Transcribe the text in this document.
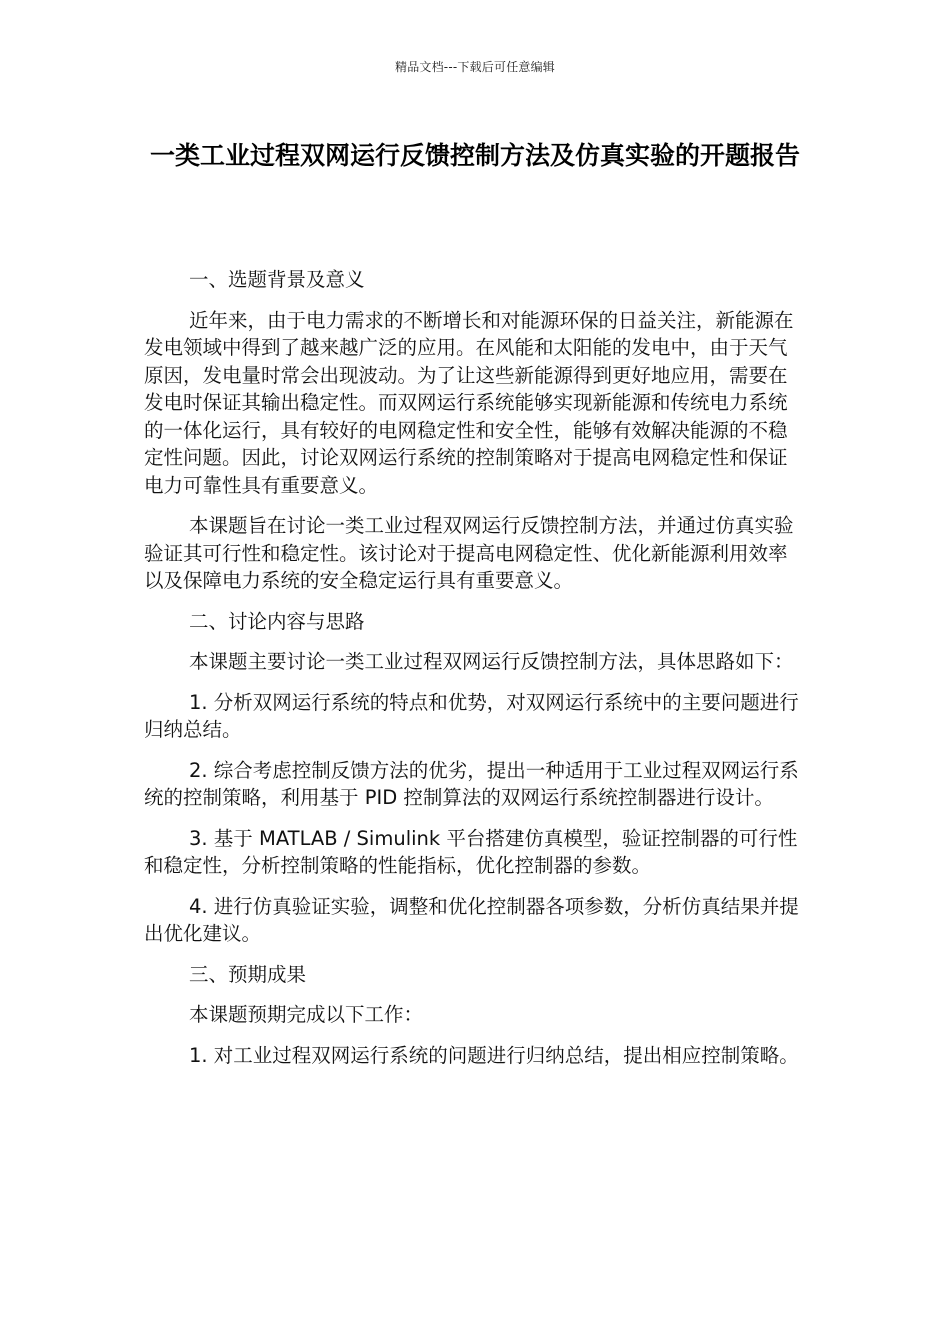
精品文档---下载后可任意编辑
一类工业过程双网运行反馈控制方法及仿真实验的开题报告

一、选题背景及意义

近年来，由于电力需求的不断增长和对能源环保的日益关注，新能源在发电领域中得到了越来越广泛的应用。在风能和太阳能的发电中，由于天气原因，发电量时常会出现波动。为了让这些新能源得到更好地应用，需要在发电时保证其输出稳定性。而双网运行系统能够实现新能源和传统电力系统的一体化运行，具有较好的电网稳定性和安全性，能够有效解决能源的不稳定性问题。因此，讨论双网运行系统的控制策略对于提高电网稳定性和保证电力可靠性具有重要意义。

本课题旨在讨论一类工业过程双网运行反馈控制方法，并通过仿真实验验证其可行性和稳定性。该讨论对于提高电网稳定性、优化新能源利用效率以及保障电力系统的安全稳定运行具有重要意义。

二、讨论内容与思路

本课题主要讨论一类工业过程双网运行反馈控制方法，具体思路如下：

1. 分析双网运行系统的特点和优势，对双网运行系统中的主要问题进行归纳总结。

2. 综合考虑控制反馈方法的优劣，提出一种适用于工业过程双网运行系统的控制策略，利用基于 PID 控制算法的双网运行系统控制器进行设计。

3. 基于 MATLAB / Simulink 平台搭建仿真模型，验证控制器的可行性和稳定性，分析控制策略的性能指标，优化控制器的参数。

4. 进行仿真验证实验，调整和优化控制器各项参数，分析仿真结果并提出优化建议。

三、预期成果

本课题预期完成以下工作：

1. 对工业过程双网运行系统的问题进行归纳总结，提出相应控制策略。
